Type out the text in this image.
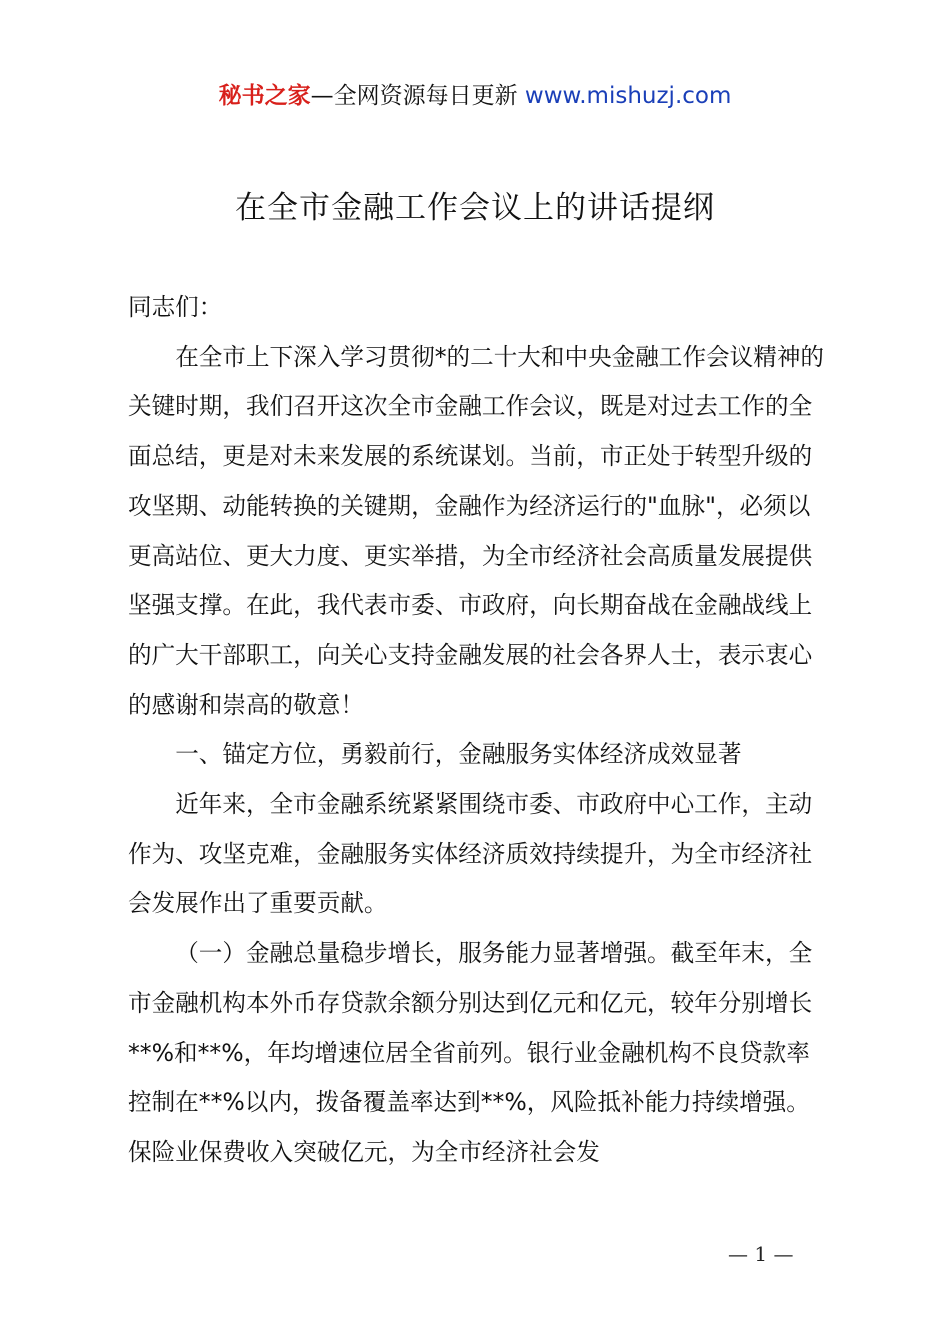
秘书之家—全网资源每日更新 www.mishuzj.com
在全市金融工作会议上的讲话提纲

同志们：

在全市上下深入学习贯彻*的二十大和中央金融工作会议精神的关键时期，我们召开这次全市金融工作会议，既是对过去工作的全面总结，更是对未来发展的系统谋划。当前，市正处于转型升级的攻坚期、动能转换的关键期，金融作为经济运行的"血脉"，必须以更高站位、更大力度、更实举措，为全市经济社会高质量发展提供坚强支撑。在此，我代表市委、市政府，向长期奋战在金融战线上的广大干部职工，向关心支持金融发展的社会各界人士，表示衷心的感谢和崇高的敬意！

一、锚定方位，勇毅前行，金融服务实体经济成效显著

近年来，全市金融系统紧紧围绕市委、市政府中心工作，主动作为、攻坚克难，金融服务实体经济质效持续提升，为全市经济社会发展作出了重要贡献。

（一）金融总量稳步增长，服务能力显著增强。截至年末，全市金融机构本外币存贷款余额分别达到亿元和亿元，较年分别增长**%和**%，年均增速位居全省前列。银行业金融机构不良贷款率控制在**%以内，拨备覆盖率达到**%，风险抵补能力持续增强。保险业保费收入突破亿元，为全市经济社会发

— 1 —
